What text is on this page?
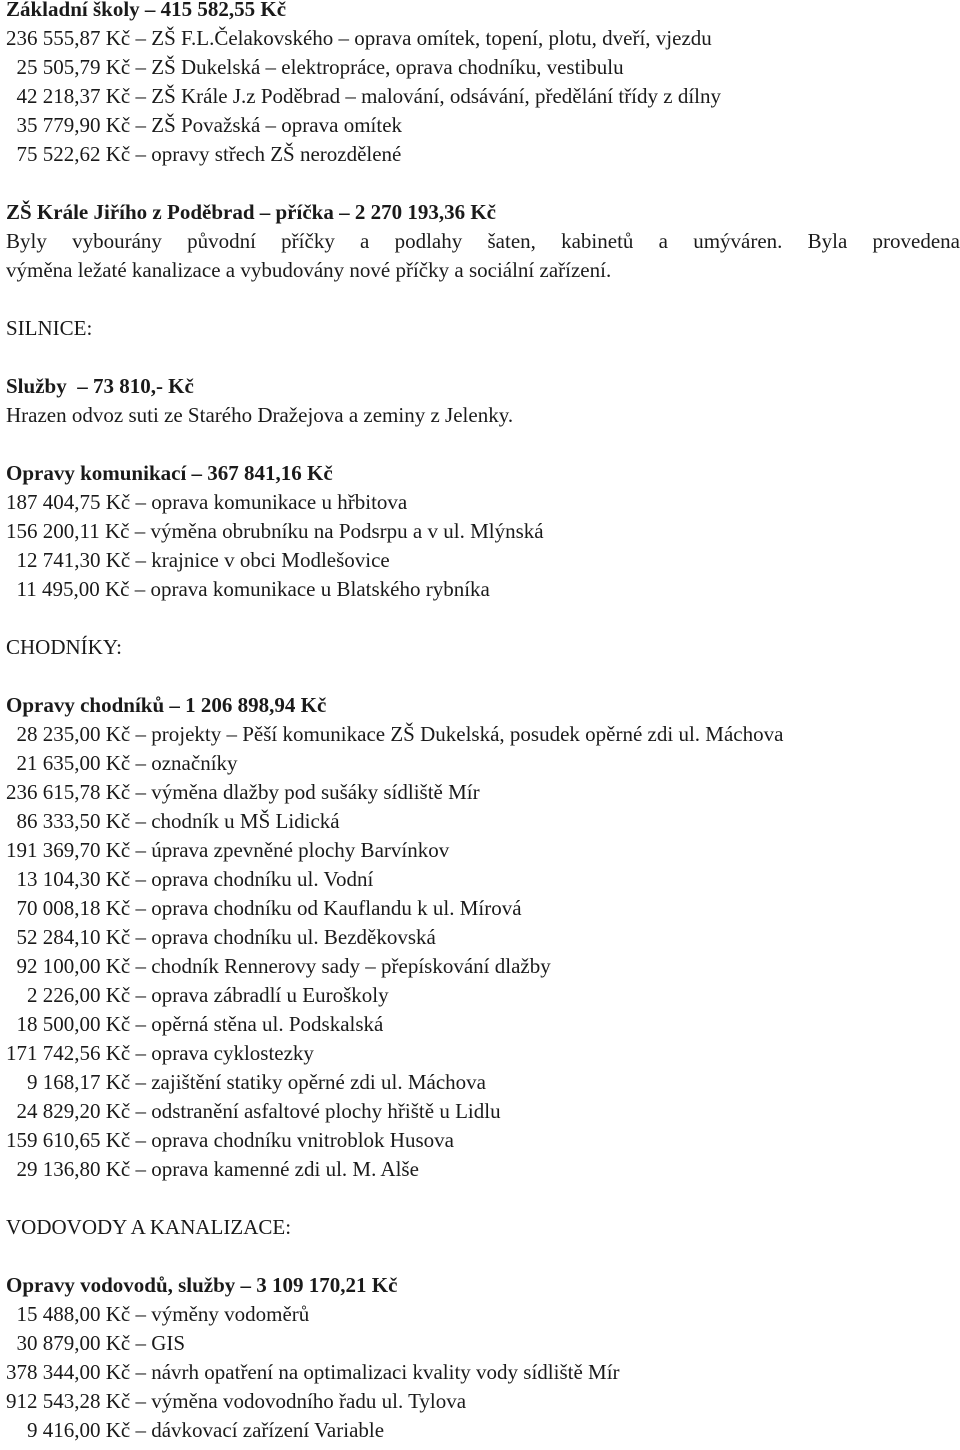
Základní školy – 415 582,55 Kč
236 555,87 Kč – ZŠ F.L.Čelakovského – oprava omítek, topení, plotu, dveří, vjezdu
25 505,79 Kč – ZŠ Dukelská – elektropráce, oprava chodníku, vestibulu
42 218,37 Kč – ZŠ Krále J.z Poděbrad – malování, odsávání, předělání třídy z dílny
35 779,90 Kč – ZŠ Považská – oprava omítek
75 522,62 Kč – opravy střech ZŠ nerozdělené
ZŠ Krále Jiřího z Poděbrad – příčka – 2 270 193,36 Kč
Byly vybourány původní příčky a podlahy šaten, kabinetů a umýváren. Byla provedena
výměna ležaté kanalizace a vybudovány nové příčky a sociální zařízení.
SILNICE:
Služby  – 73 810,- Kč
Hrazen odvoz suti ze Starého Dražejova a zeminy z Jelenky.
Opravy komunikací – 367 841,16 Kč
187 404,75 Kč – oprava komunikace u hřbitova
156 200,11 Kč – výměna obrubníku na Podsrpu a v ul. Mlýnská
12 741,30 Kč – krajnice v obci Modlešovice
11 495,00 Kč – oprava komunikace u Blatského rybníka
CHODNÍKY:
Opravy chodníků – 1 206 898,94 Kč
28 235,00 Kč – projekty – Pěší komunikace ZŠ Dukelská, posudek opěrné zdi ul. Máchova
21 635,00 Kč – označníky
236 615,78 Kč – výměna dlažby pod sušáky sídliště Mír
86 333,50 Kč – chodník u MŠ Lidická
191 369,70 Kč – úprava zpevněné plochy Barvínkov
13 104,30 Kč – oprava chodníku ul. Vodní
70 008,18 Kč – oprava chodníku od Kauflandu k ul. Mírová
52 284,10 Kč – oprava chodníku ul. Bezděkovská
92 100,00 Kč – chodník Rennerovy sady – přepískování dlažby
2 226,00 Kč – oprava zábradlí u Euroškoly
18 500,00 Kč – opěrná stěna ul. Podskalská
171 742,56 Kč – oprava cyklostezky
9 168,17 Kč – zajištění statiky opěrné zdi ul. Máchova
24 829,20 Kč – odstranění asfaltové plochy hřiště u Lidlu
159 610,65 Kč – oprava chodníku vnitroblok Husova
29 136,80 Kč – oprava kamenné zdi ul. M. Alše
VODOVODY A KANALIZACE:
Opravy vodovodů, služby – 3 109 170,21 Kč
15 488,00 Kč – výměny vodoměrů
30 879,00 Kč – GIS
378 344,00 Kč – návrh opatření na optimalizaci kvality vody sídliště Mír
912 543,28 Kč – výměna vodovodního řadu ul. Tylova
9 416,00 Kč – dávkovací zařízení Variable
